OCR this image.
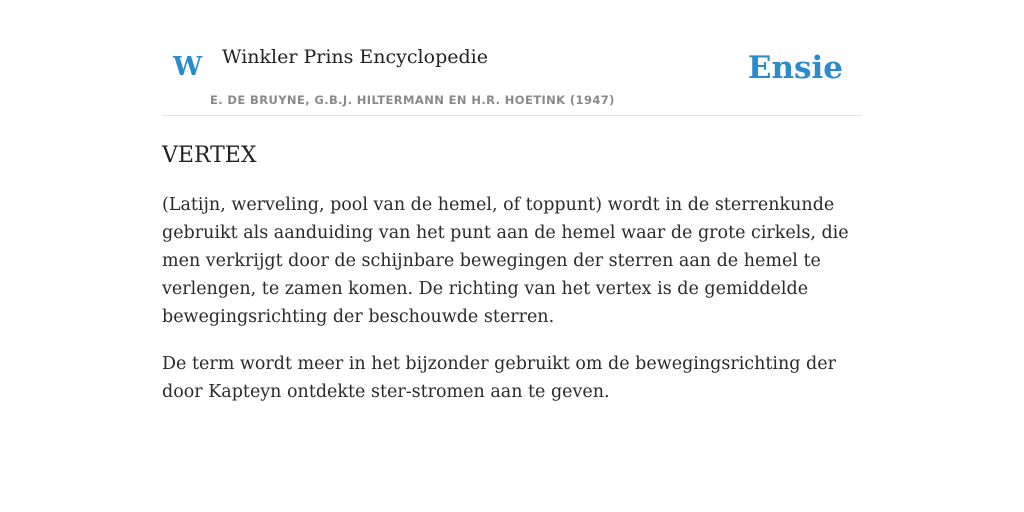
W Winkler Prins Encyclopedie
E. DE BRUYNE, G.B.J. HILTERMANN EN H.R. HOETINK (1947)
Ensie
VERTEX

(Latijn, werveling, pool van de hemel, of toppunt) wordt in de sterrenkunde gebruikt als aanduiding van het punt aan de hemel waar de grote cirkels, die men verkrijgt door de schijnbare bewegingen der sterren aan de hemel te verlengen, te zamen komen. De richting van het vertex is de gemiddelde bewegingsrichting der beschouwde sterren.

De term wordt meer in het bijzonder gebruikt om de bewegingsrichting der door Kapteyn ontdekte ster-stromen aan te geven.
